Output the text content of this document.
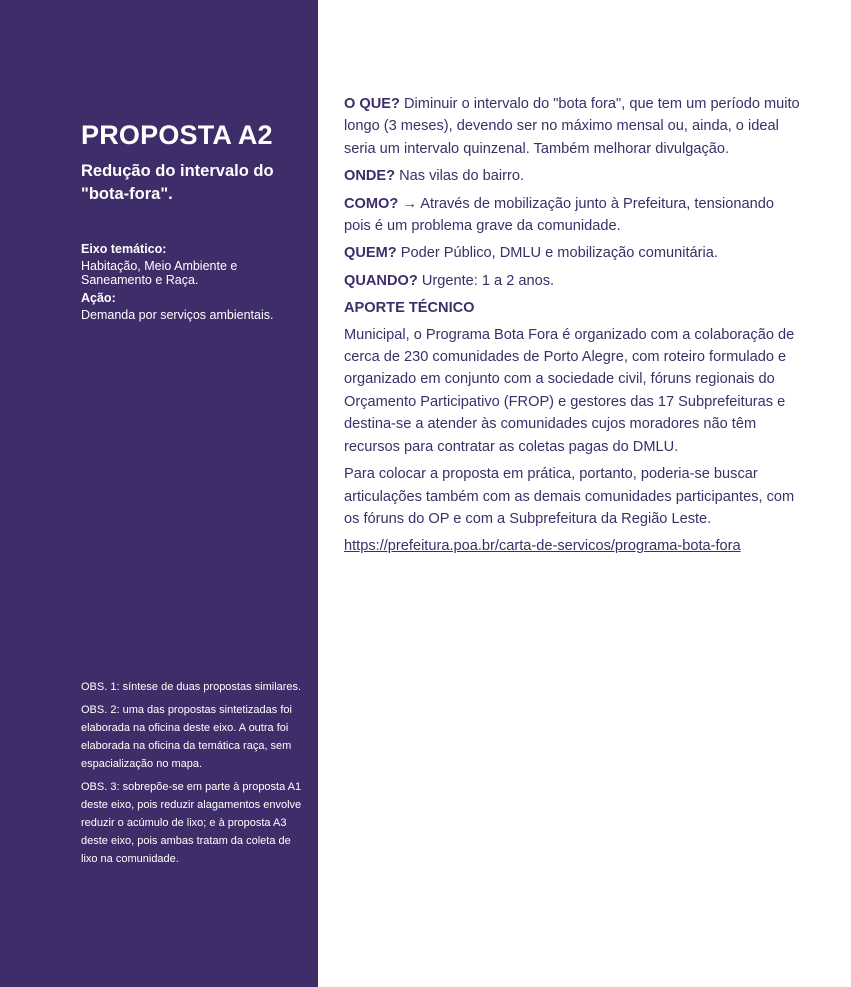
PROPOSTA A2
Redução do intervalo do "bota-fora".
Eixo temático:
Habitação, Meio Ambiente e Saneamento e Raça.
Ação:
Demanda por serviços ambientais.

OBS. 1: síntese de duas propostas similares.

OBS. 2: uma das propostas sintetizadas foi elaborada na oficina deste eixo. A outra foi elaborada na oficina da temática raça, sem espacialização no mapa.

OBS. 3: sobrepõe-se em parte à proposta A1 deste eixo, pois reduzir alagamentos envolve reduzir o acúmulo de lixo; e à proposta A3 deste eixo, pois ambas tratam da coleta de lixo na comunidade.

O QUE? Diminuir o intervalo do "bota fora", que tem um período muito longo (3 meses), devendo ser no máximo mensal ou, ainda, o ideal seria um intervalo quinzenal. Também melhorar divulgação.

ONDE? Nas vilas do bairro.

COMO? → Através de mobilização junto à Prefeitura, tensionando pois é um problema grave da comunidade.

QUEM? Poder Público, DMLU e mobilização comunitária.

QUANDO? Urgente: 1 a 2 anos.

APORTE TÉCNICO

Municipal, o Programa Bota Fora é organizado com a colaboração de cerca de 230 comunidades de Porto Alegre, com roteiro formulado e organizado em conjunto com a sociedade civil, fóruns regionais do Orçamento Participativo (FROP) e gestores das 17 Subprefeituras e destina-se a atender às comunidades cujos moradores não têm recursos para contratar as coletas pagas do DMLU.

Para colocar a proposta em prática, portanto, poderia-se buscar articulações também com as demais comunidades participantes, com os fóruns do OP e com a Subprefeitura da Região Leste.

https://prefeitura.poa.br/carta-de-servicos/programa-bota-fora
